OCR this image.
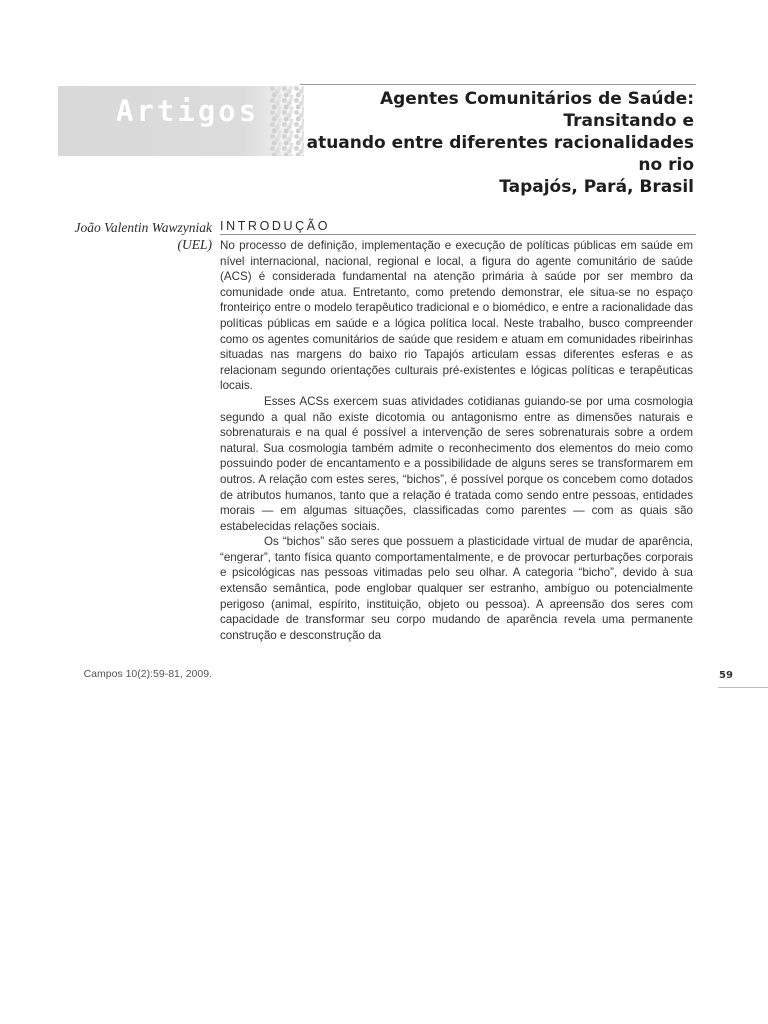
Artigos	Agentes Comunitários de Saúde: Transitando e
atuando entre diferentes racionalidades no rio
Tapajós, Pará, Brasil
João Valentin Wawzyniak
(UEL)
INTRODUÇÃO

No processo de definição, implementação e execução de políticas públicas em saúde em nível internacional, nacional, regional e local, a figura do agente comunitário de saúde (ACS) é considerada fundamental na atenção primária à saúde por ser membro da comunidade onde atua. Entretanto, como pretendo demonstrar, ele situa-se no espaço fronteiriço entre o modelo terapêutico tradicional e o biomédico, e entre a racionalidade das políticas públicas em saúde e a lógica política local. Neste trabalho, busco compreender como os agentes comunitários de saúde que residem e atuam em comunidades ribeirinhas situadas nas margens do baixo rio Tapajós articulam essas diferentes esferas e as relacionam segundo orientações culturais pré-existentes e lógicas políticas e terapêuticas locais.

Esses ACSs exercem suas atividades cotidianas guiando-se por uma cosmologia segundo a qual não existe dicotomia ou antagonismo entre as dimensões naturais e sobrenaturais e na qual é possível a intervenção de seres sobrenaturais sobre a ordem natural. Sua cosmologia também admite o reconhecimento dos elementos do meio como possuindo poder de encantamento e a possibilidade de alguns seres se transformarem em outros. A relação com estes seres, “bichos”, é possível porque os concebem como dotados de atributos humanos, tanto que a relação é tratada como sendo entre pessoas, entidades morais — em algumas situações, classificadas como parentes — com as quais são estabelecidas relações sociais.

Os “bichos” são seres que possuem a plasticidade virtual de mudar de aparência, “engerar”, tanto física quanto comportamentalmente, e de provocar perturbações corporais e psicológicas nas pessoas vitimadas pelo seu olhar. A categoria “bicho”, devido à sua extensão semântica, pode englobar qualquer ser estranho, ambíguo ou potencialmente perigoso (animal, espírito, instituição, objeto ou pessoa). A apreensão dos seres com capacidade de transformar seu corpo mudando de aparência revela uma permanente construção e desconstrução da

Campos 10(2):59-81, 2009.	59
